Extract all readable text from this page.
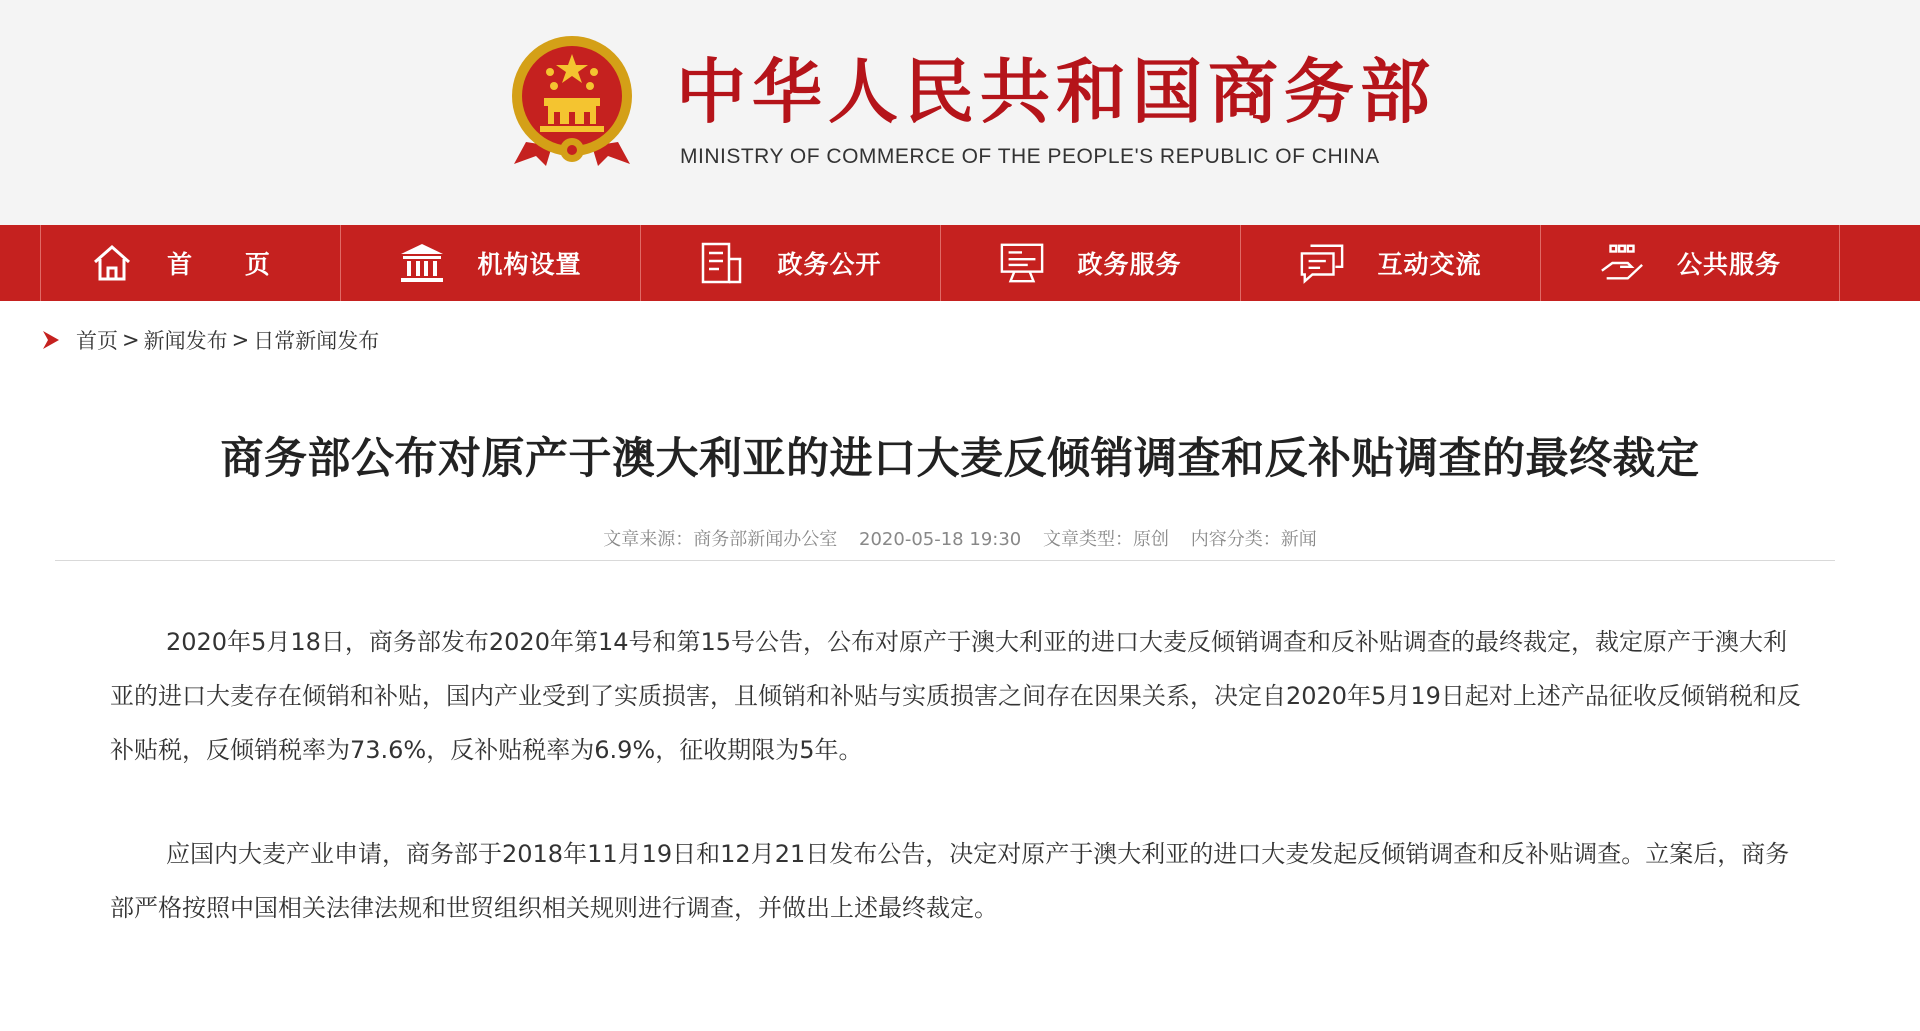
中华人民共和国商务部
MINISTRY OF COMMERCE OF THE PEOPLE'S REPUBLIC OF CHINA
首 页	机构设置	政务公开	政务服务	互动交流	公共服务
首页 > 新闻发布 > 日常新闻发布
商务部公布对原产于澳大利亚的进口大麦反倾销调查和反补贴调查的最终裁定
文章来源：商务部新闻办公室 2020-05-18 19:30 文章类型：原创 内容分类：新闻

2020年5月18日，商务部发布2020年第14号和第15号公告，公布对原产于澳大利亚的进口大麦反倾销调查和反补贴调查的最终裁定，裁定原产于澳大利亚的进口大麦存在倾销和补贴，国内产业受到了实质损害，且倾销和补贴与实质损害之间存在因果关系，决定自2020年5月19日起对上述产品征收反倾销税和反补贴税，反倾销税率为73.6%，反补贴税率为6.9%，征收期限为5年。

应国内大麦产业申请，商务部于2018年11月19日和12月21日发布公告，决定对原产于澳大利亚的进口大麦发起反倾销调查和反补贴调查。立案后，商务部严格按照中国相关法律法规和世贸组织相关规则进行调查，并做出上述最终裁定。
